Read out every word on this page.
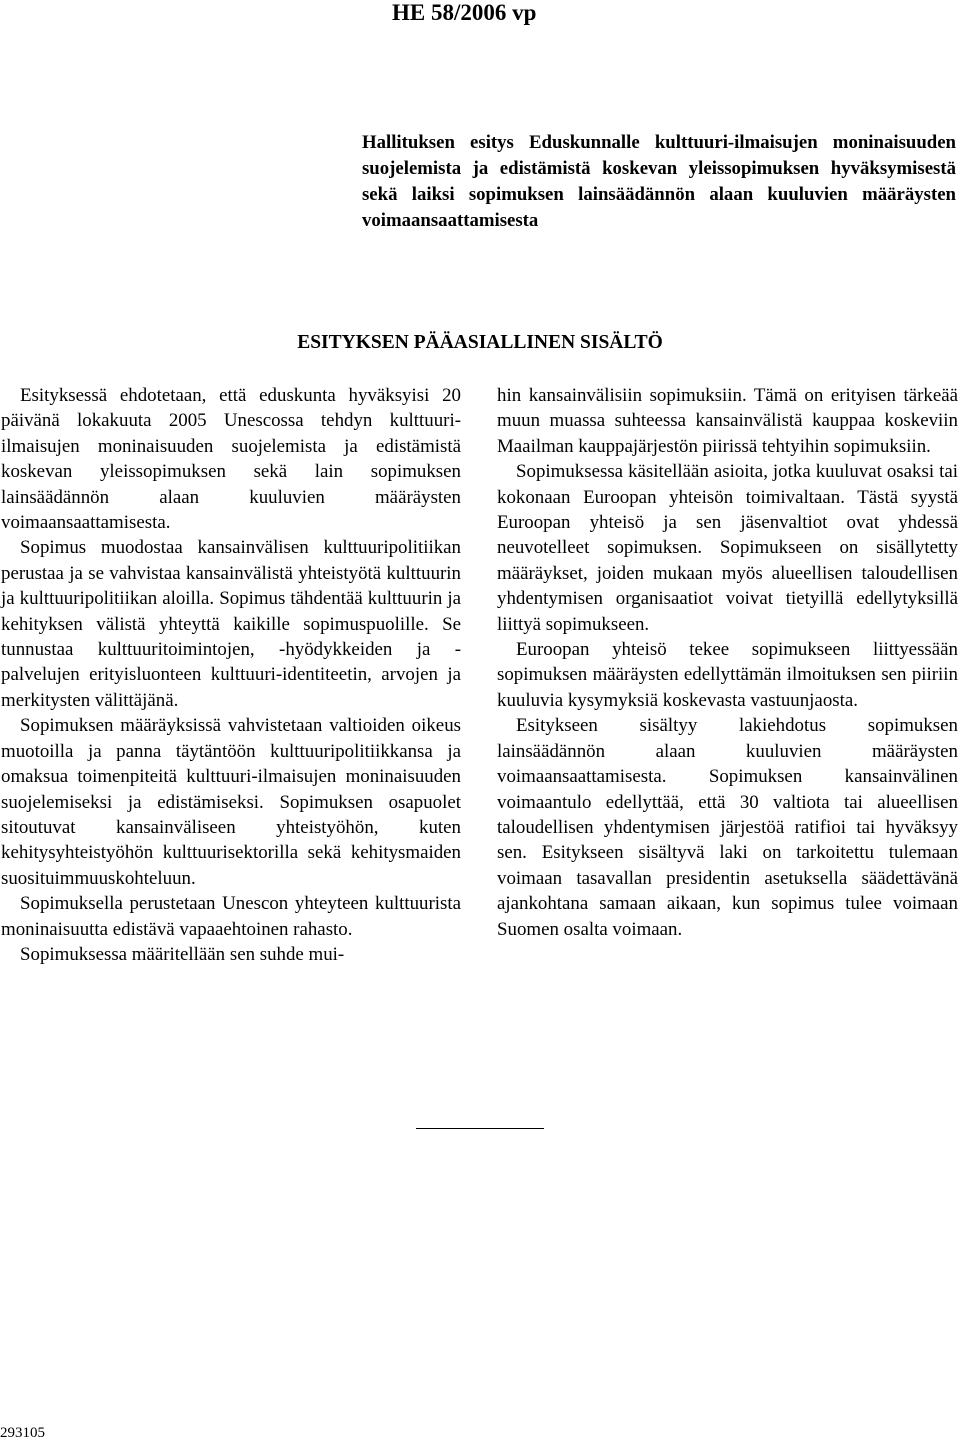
HE 58/2006 vp
Hallituksen esitys Eduskunnalle kulttuuri-ilmaisujen moninaisuuden suojelemista ja edistämistä koskevan yleissopimuksen hyväksymisestä sekä laiksi sopimuksen lainsäädännön alaan kuuluvien määräysten voimaansaattamisesta
ESITYKSEN PÄÄASIALLINEN SISÄLTÖ

Esityksessä ehdotetaan, että eduskunta hyväksyisi 20 päivänä lokakuuta 2005 Unescossa tehdyn kulttuuri-ilmaisujen moninaisuuden suojelemista ja edistämistä koskevan yleissopimuksen sekä lain sopimuksen lainsäädännön alaan kuuluvien määräysten voimaansaattamisesta.

Sopimus muodostaa kansainvälisen kulttuuripolitiikan perustaa ja se vahvistaa kansainvälistä yhteistyötä kulttuurin ja kulttuuripolitiikan aloilla. Sopimus tähdentää kulttuurin ja kehityksen välistä yhteyttä kaikille sopimuspuolille. Se tunnustaa kulttuuritoimintojen, -hyödykkeiden ja -palvelujen erityisluonteen kulttuuri-identiteetin, arvojen ja merkitysten välittäjänä.

Sopimuksen määräyksissä vahvistetaan valtioiden oikeus muotoilla ja panna täytäntöön kulttuuripolitiikkansa ja omaksua toimenpiteitä kulttuuri-ilmaisujen moninaisuuden suojelemiseksi ja edistämiseksi. Sopimuksen osapuolet sitoutuvat kansainväliseen yhteistyöhön, kuten kehitysyhteistyöhön kulttuurisektorilla sekä kehitysmaiden suosituimmuuskohteluun.

Sopimuksella perustetaan Unescon yhteyteen kulttuurista moninaisuutta edistävä vapaaehtoinen rahasto.

Sopimuksessa määritellään sen suhde mui-

hin kansainvälisiin sopimuksiin. Tämä on erityisen tärkeää muun muassa suhteessa kansainvälistä kauppaa koskeviin Maailman kauppajärjestön piirissä tehtyihin sopimuksiin.

Sopimuksessa käsitellään asioita, jotka kuuluvat osaksi tai kokonaan Euroopan yhteisön toimivaltaan. Tästä syystä Euroopan yhteisö ja sen jäsenvaltiot ovat yhdessä neuvotelleet sopimuksen. Sopimukseen on sisällytetty määräykset, joiden mukaan myös alueellisen taloudellisen yhdentymisen organisaatiot voivat tietyillä edellytyksillä liittyä sopimukseen.

Euroopan yhteisö tekee sopimukseen liittyessään sopimuksen määräysten edellyttämän ilmoituksen sen piiriin kuuluvia kysymyksiä koskevasta vastuunjaosta.

Esitykseen sisältyy lakiehdotus sopimuksen lainsäädännön alaan kuuluvien määräysten voimaansaattamisesta. Sopimuksen kansainvälinen voimaantulo edellyttää, että 30 valtiota tai alueellisen taloudellisen yhdentymisen järjestöä ratifioi tai hyväksyy sen. Esitykseen sisältyvä laki on tarkoitettu tulemaan voimaan tasavallan presidentin asetuksella säädettävänä ajankohtana samaan aikaan, kun sopimus tulee voimaan Suomen osalta voimaan.

293105
